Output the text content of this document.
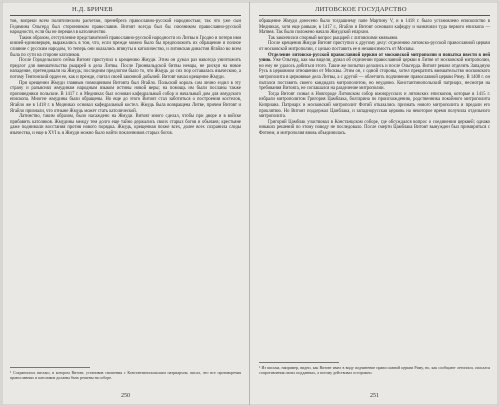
Н.Д. БРИЧЕВ

тов, вопреки всем политическим расчетам, пренебрега православно-русской народностью; так что уже сын Гедимина Ольгерд был сторонником православия. Витовт всегда был бы союзником православно-русской народности, если бы не перешел в католичество.

Таким образом, отступление представителей православно-русской народности из Литвы в Гродно и потеря ими князей-единоверцев, выражались в том, что, если прежде можно было бы предположить их обращение и полное слияние с русским народом, то теперь они оказались втянуты в католичество, и литовская династия Ягайло во всем была по сути на стороне католиков.

После Городельского сейма Витовт приступил к крещению Жмуди. Этим он думал раз навсегда уничтожить предлог для вмешательства рыцарей в дела Литвы. После Грюнвальдской битвы немцы, не рискуя на новое нападение, претендовали на Жмудь; последним предлогом было то, что Жмудь до сих пор оставалась языческою, а потому Тевтонский орден ее, как и прежде, считал своей законной добычей. Витовт начал крещение Жмуди.

При крещении Жмуди главным помощником Витовта был Ягайло. Польский король сам лично ездил в эту страну и разъяснял жмудинам народным языком истины новой веры; на помощь им были посланы также проповедники польские. В 1417 г. в Медниках был основан кафедральный собор и начальный дом для жмудского епископа. Многие жмудины были обращены. Но еще до этого Витовт стал заботиться о построении костелов, Ягайло же в 1418 г. в Медниках основал кафедральный костел. Жмудь была возвращена Литве, причем Витовт и Ягайло признали, что отныне Жмудь может стать католической.

Латинство, таким образом, было насаждено на Жмуди. Витовт много сделал, чтобы при дворе и в войске прибавить католиков. Жмудины между тем долго еще тайно держались своих старых богов и обычаев; крестьяне даже поднимали восстания против нового порядка. Жмудь, крещенная позже всех, долее всех сохранила следы язычества, и еще в XVI в. в Жмуди можно было найти поклонников старых богов.

¹ Сохранилось письмо, в котором Витовт, установив сношения с Константинопольским патриархом, писал, что все противоречия православных и католиков должны быть решены на соборе.
250
ЛИТОВСКОЕ ГОСУДАРСТВО

обращение Жмуди донесено было тогдашнему папе Мартину V, и в 1418 г. было установлено епископство в Медниках, хотя еще раньше, в 1417 г., Ягайло и Витовт основали кафедру и назначили туда первого епископа — Матвея. Так было положено начало Жмудской епархии.

Так закончился спорный вопрос рыцарей с литовскими князьями.

После крещения Жмуди Витовт приступил к другому делу: отделению литовско-русской православной церкви от московской митрополии, с целью поставить ее в независимость от Москвы.

Отделение литовско-русской православной церкви от московской митрополии и попытка ввести в ней унию. Уже Ольгерд, как мы видели, думал об отделении православной церкви в Литве от московской митрополии, но ему не удалось добиться этого. Такие же попытки делались и после Ольгерда. Витовт решил отделить Западную Русь в церковном отношении от Москвы. Этим он, с одной стороны, хотел прекратить вмешательство московского митрополита в церковные дела Литвы, а с другой — облегчить подчинение православной церкви Риму. В 1408 г. он пытался поставить своего кандидата митрополитом, но неудачно. Константинопольский патриарх, несмотря на требования Витовта, не соглашался на разделение митрополии.

Тогда Витовт созвал в Новгороде Литовском собор южнорусских и литовских епископов, которые в 1415 г. избрали митрополитом Григория Цамблака, болгарина по происхождению, родственника покойного митрополита Киприана. Патриарх и московский митрополит Фотий отказались признать нового митрополита и предали его проклятию. Но Витовт поддержал Цамблака, и западнорусская церковь на некоторое время получила отдельного митрополита.

Григорий Цамблак участвовал в Констанцском соборе, где обсуждался вопрос о соединении церквей; однако никаких решений по этому поводу не последовало. После смерти Цамблака Витовт вынужден был примириться с Фотием, и митрополия вновь объединилась.

¹ Из письма, например, видно, как Витовт имел в виду подчинение православной церкви Риму, но, как сообщают летописи, опасался сопротивления своих подданных, а потому действовал осторожно.
251
